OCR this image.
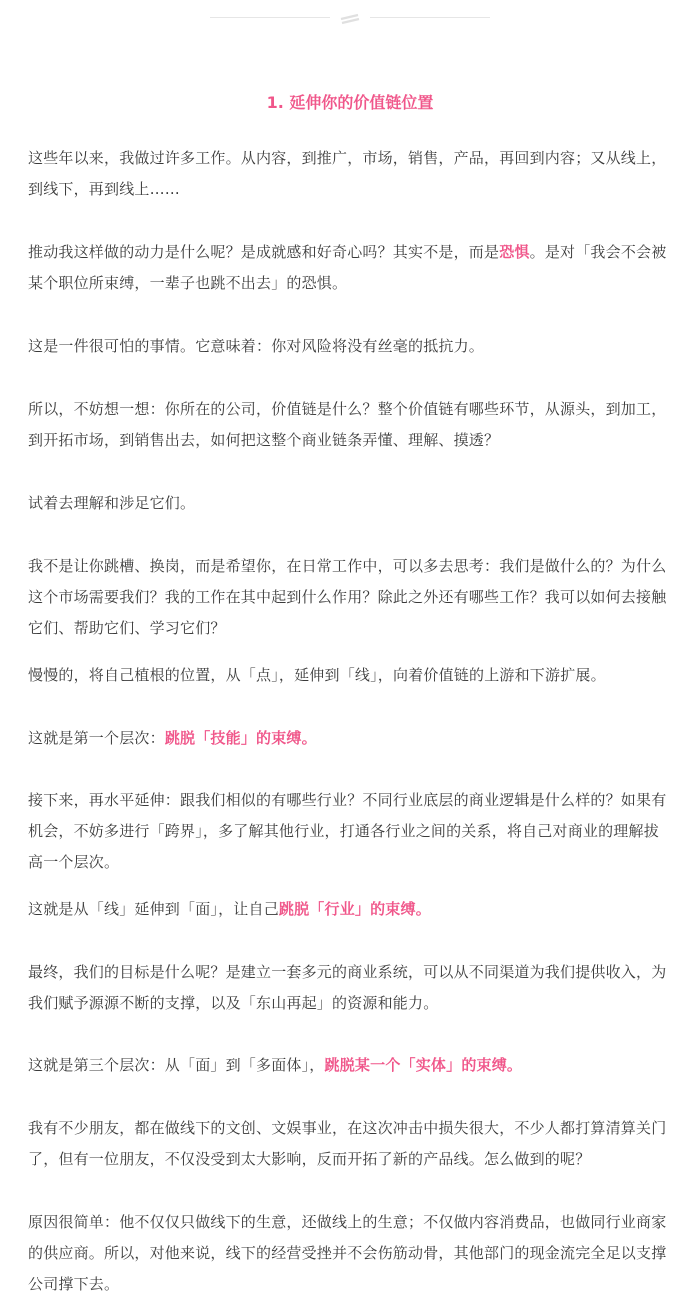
1. 延伸你的价值链位置

这些年以来，我做过许多工作。从内容，到推广，市场，销售，产品，再回到内容；又从线上，到线下，再到线上……

推动我这样做的动力是什么呢？是成就感和好奇心吗？其实不是，而是恐惧。是对「我会不会被某个职位所束缚，一辈子也跳不出去」的恐惧。

这是一件很可怕的事情。它意味着：你对风险将没有丝毫的抵抗力。

所以，不妨想一想：你所在的公司，价值链是什么？整个价值链有哪些环节，从源头，到加工，到开拓市场，到销售出去，如何把这整个商业链条弄懂、理解、摸透？

试着去理解和涉足它们。

我不是让你跳槽、换岗，而是希望你，在日常工作中，可以多去思考：我们是做什么的？为什么这个市场需要我们？我的工作在其中起到什么作用？除此之外还有哪些工作？我可以如何去接触它们、帮助它们、学习它们？

慢慢的，将自己植根的位置，从「点」，延伸到「线」，向着价值链的上游和下游扩展。

这就是第一个层次：跳脱「技能」的束缚。

接下来，再水平延伸：跟我们相似的有哪些行业？不同行业底层的商业逻辑是什么样的？如果有机会，不妨多进行「跨界」，多了解其他行业，打通各行业之间的关系，将自己对商业的理解拔高一个层次。

这就是从「线」延伸到「面」，让自己跳脱「行业」的束缚。

最终，我们的目标是什么呢？是建立一套多元的商业系统，可以从不同渠道为我们提供收入，为我们赋予源源不断的支撑，以及「东山再起」的资源和能力。

这就是第三个层次：从「面」到「多面体」，跳脱某一个「实体」的束缚。

我有不少朋友，都在做线下的文创、文娱事业，在这次冲击中损失很大，不少人都打算清算关门了，但有一位朋友，不仅没受到太大影响，反而开拓了新的产品线。怎么做到的呢？

原因很简单：他不仅仅只做线下的生意，还做线上的生意；不仅做内容消费品，也做同行业商家的供应商。所以，对他来说，线下的经营受挫并不会伤筋动骨，其他部门的现金流完全足以支撑公司撑下去。
